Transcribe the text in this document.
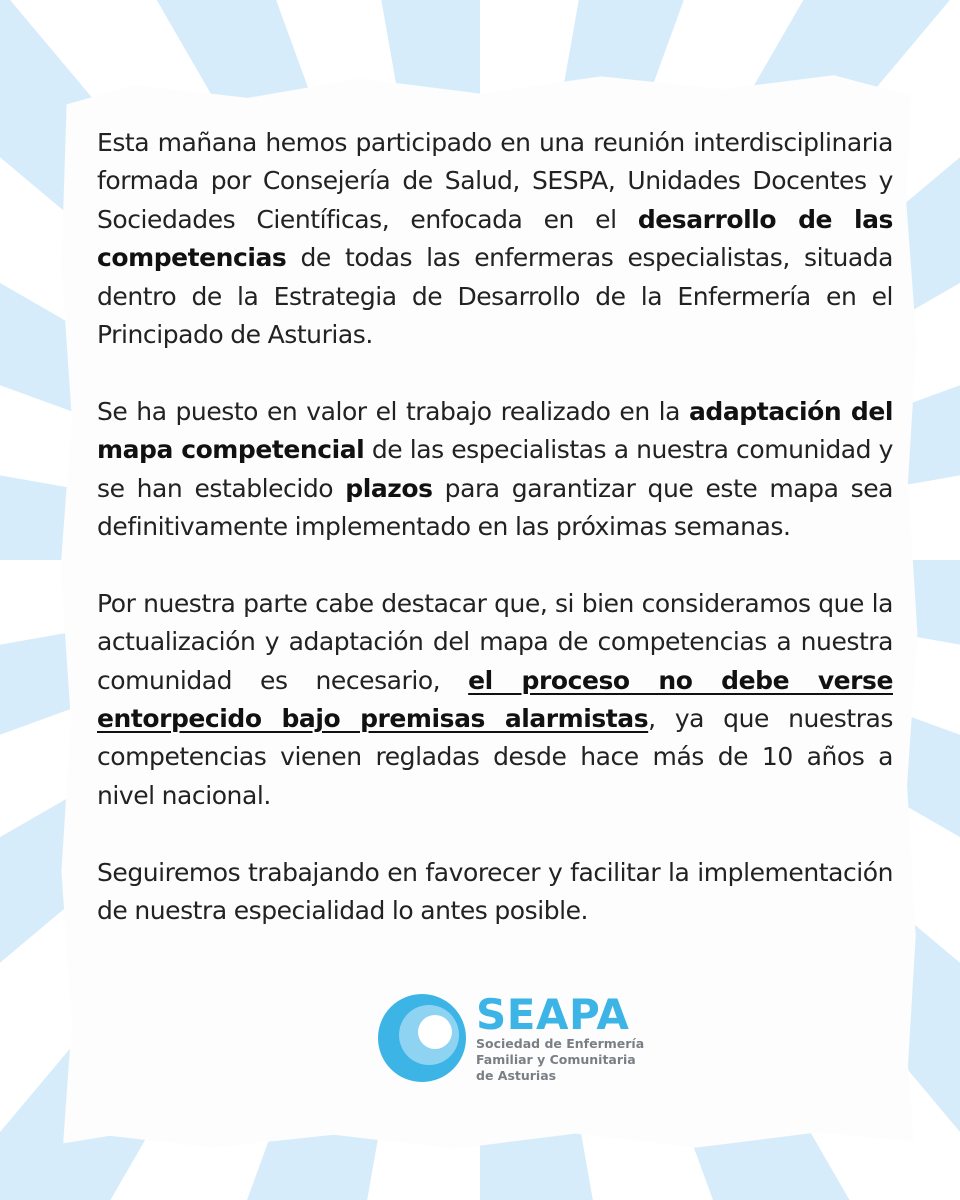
Esta mañana hemos participado en una reunión interdisciplinaria formada por Consejería de Salud, SESPA, Unidades Docentes y Sociedades Científicas, enfocada en el desarrollo de las competencias de todas las enfermeras especialistas, situada dentro de la Estrategia de Desarrollo de la Enfermería en el Principado de Asturias.

Se ha puesto en valor el trabajo realizado en la adaptación del mapa competencial de las especialistas a nuestra comunidad y se han establecido plazos para garantizar que este mapa sea definitivamente implementado en las próximas semanas.

Por nuestra parte cabe destacar que, si bien consideramos que la actualización y adaptación del mapa de competencias a nuestra comunidad es necesario, el proceso no debe verse entorpecido bajo premisas alarmistas, ya que nuestras competencias vienen regladas desde hace más de 10 años a nivel nacional.

Seguiremos trabajando en favorecer y facilitar la implementación de nuestra especialidad lo antes posible.

SEAPA
Sociedad de Enfermería
Familiar y Comunitaria
de Asturias
